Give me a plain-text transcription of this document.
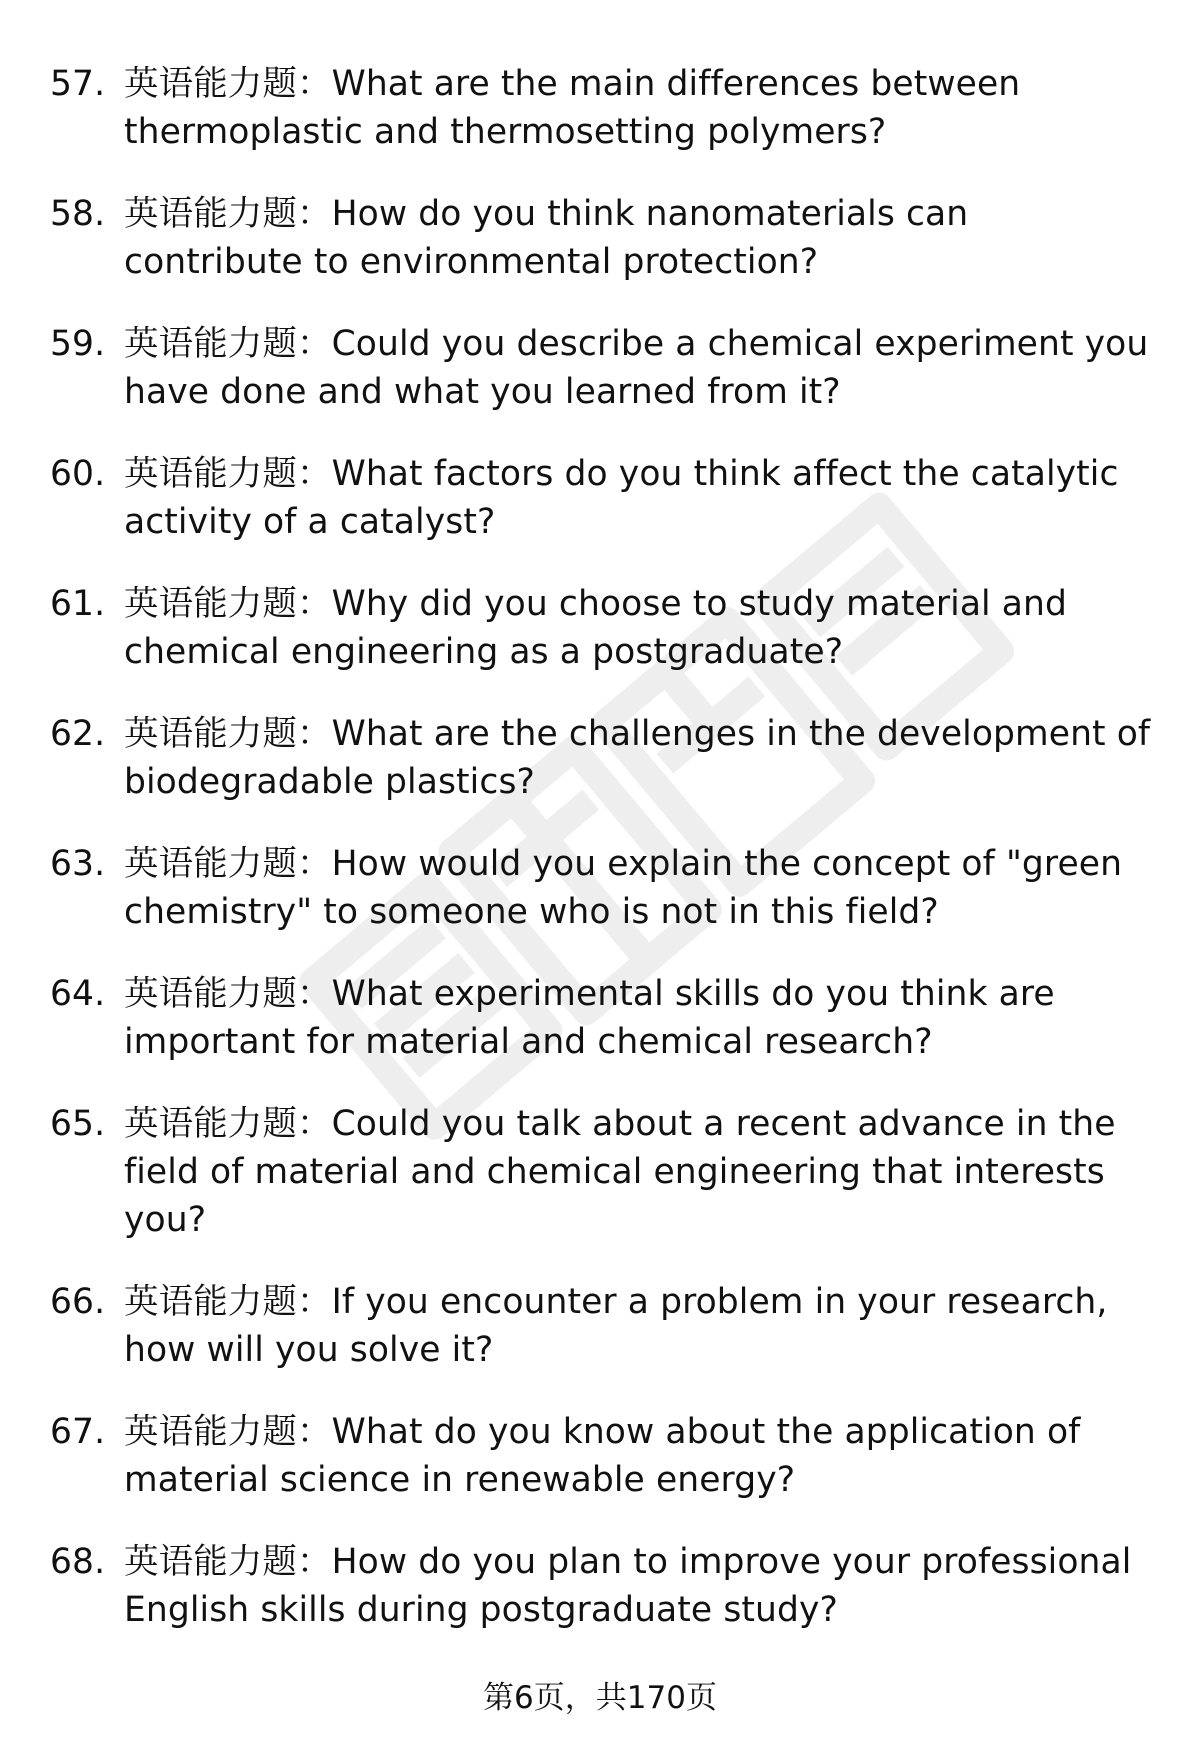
57. 英语能力题：What are the main differences between thermoplastic and thermosetting polymers?
58. 英语能力题：How do you think nanomaterials can contribute to environmental protection?
59. 英语能力题：Could you describe a chemical experiment you have done and what you learned from it?
60. 英语能力题：What factors do you think affect the catalytic activity of a catalyst?
61. 英语能力题：Why did you choose to study material and chemical engineering as a postgraduate?
62. 英语能力题：What are the challenges in the development of biodegradable plastics?
63. 英语能力题：How would you explain the concept of "green chemistry" to someone who is not in this field?
64. 英语能力题：What experimental skills do you think are important for material and chemical research?
65. 英语能力题：Could you talk about a recent advance in the field of material and chemical engineering that interests you?
66. 英语能力题：If you encounter a problem in your research, how will you solve it?
67. 英语能力题：What do you know about the application of material science in renewable energy?
68. 英语能力题：How do you plan to improve your professional English skills during postgraduate study?
第6页，共170页
